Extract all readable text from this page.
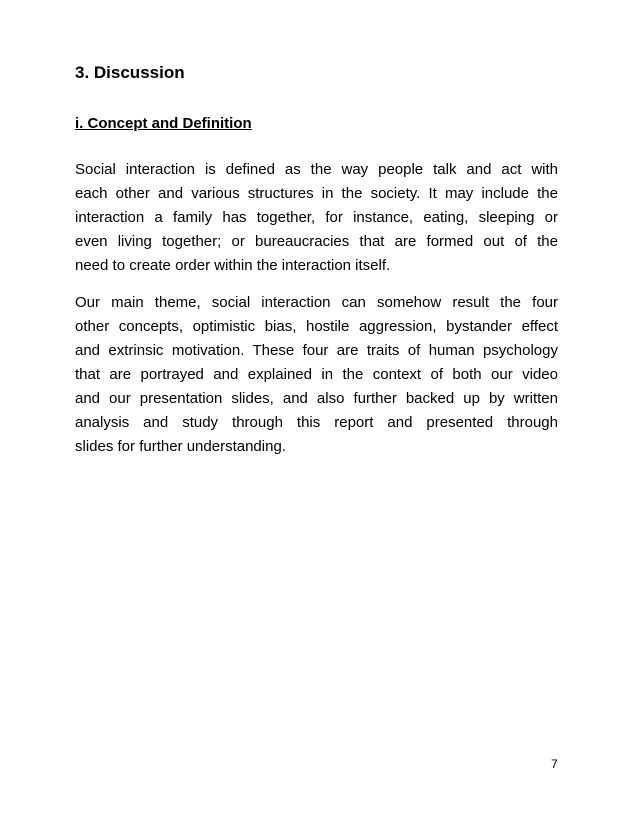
3. Discussion
i. Concept and Definition

Social interaction is defined as the way people talk and act with
each other and various structures in the society. It may include the
interaction a family has together, for instance, eating, sleeping or
even living together; or bureaucracies that are formed out of the
need to create order within the interaction itself.

Our main theme, social interaction can somehow result the four
other concepts, optimistic bias, hostile aggression, bystander effect
and extrinsic motivation. These four are traits of human psychology
that are portrayed and explained in the context of both our video
and our presentation slides, and also further backed up by written
analysis and study through this report and presented through
slides for further understanding.

7
